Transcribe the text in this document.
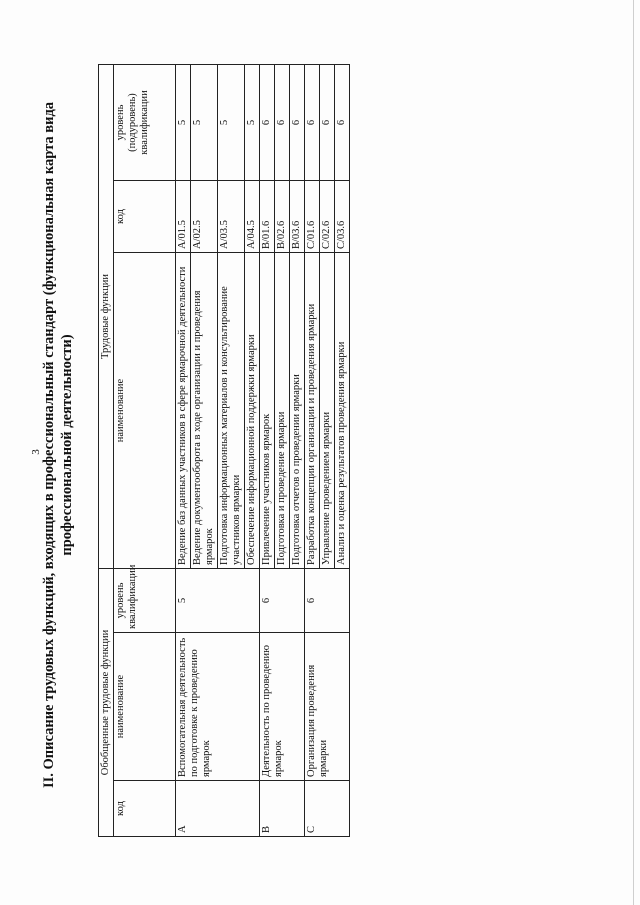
3 II. Описание трудовых функций, входящих в профессиональный стандарт (функциональная карта вида профессиональной деятельности)
Обобщенные трудовые функции			Трудовые функции		
код	наименование	уровень квалификации	наименование	код	уровень
(подуровень)
квалификации
A	Вспомогательная деятельность по подготовке к проведению ярмарок	5	Ведение баз данных участников в сфере ярмарочной деятельности	A/01.5	5
			Ведение документооборота в ходе организации и проведения ярмарок	A/02.5	5
			Подготовка информационных материалов и консультирование участников ярмарки	A/03.5	5
			Обеспечение информационной поддержки ярмарки	A/04.5	5
B	Деятельность по проведению ярмарок	6	Привлечение участников ярмарок	B/01.6	6
			Подготовка и проведение ярмарки	B/02.6	6
			Подготовка отчетов о проведении ярмарки	B/03.6	6
C	Организация проведения ярмарки	6	Разработка концепции организации и проведения ярмарки	C/01.6	6
			Управление проведением ярмарки	C/02.6	6
			Анализ и оценка результатов проведения ярмарки	C/03.6	6
